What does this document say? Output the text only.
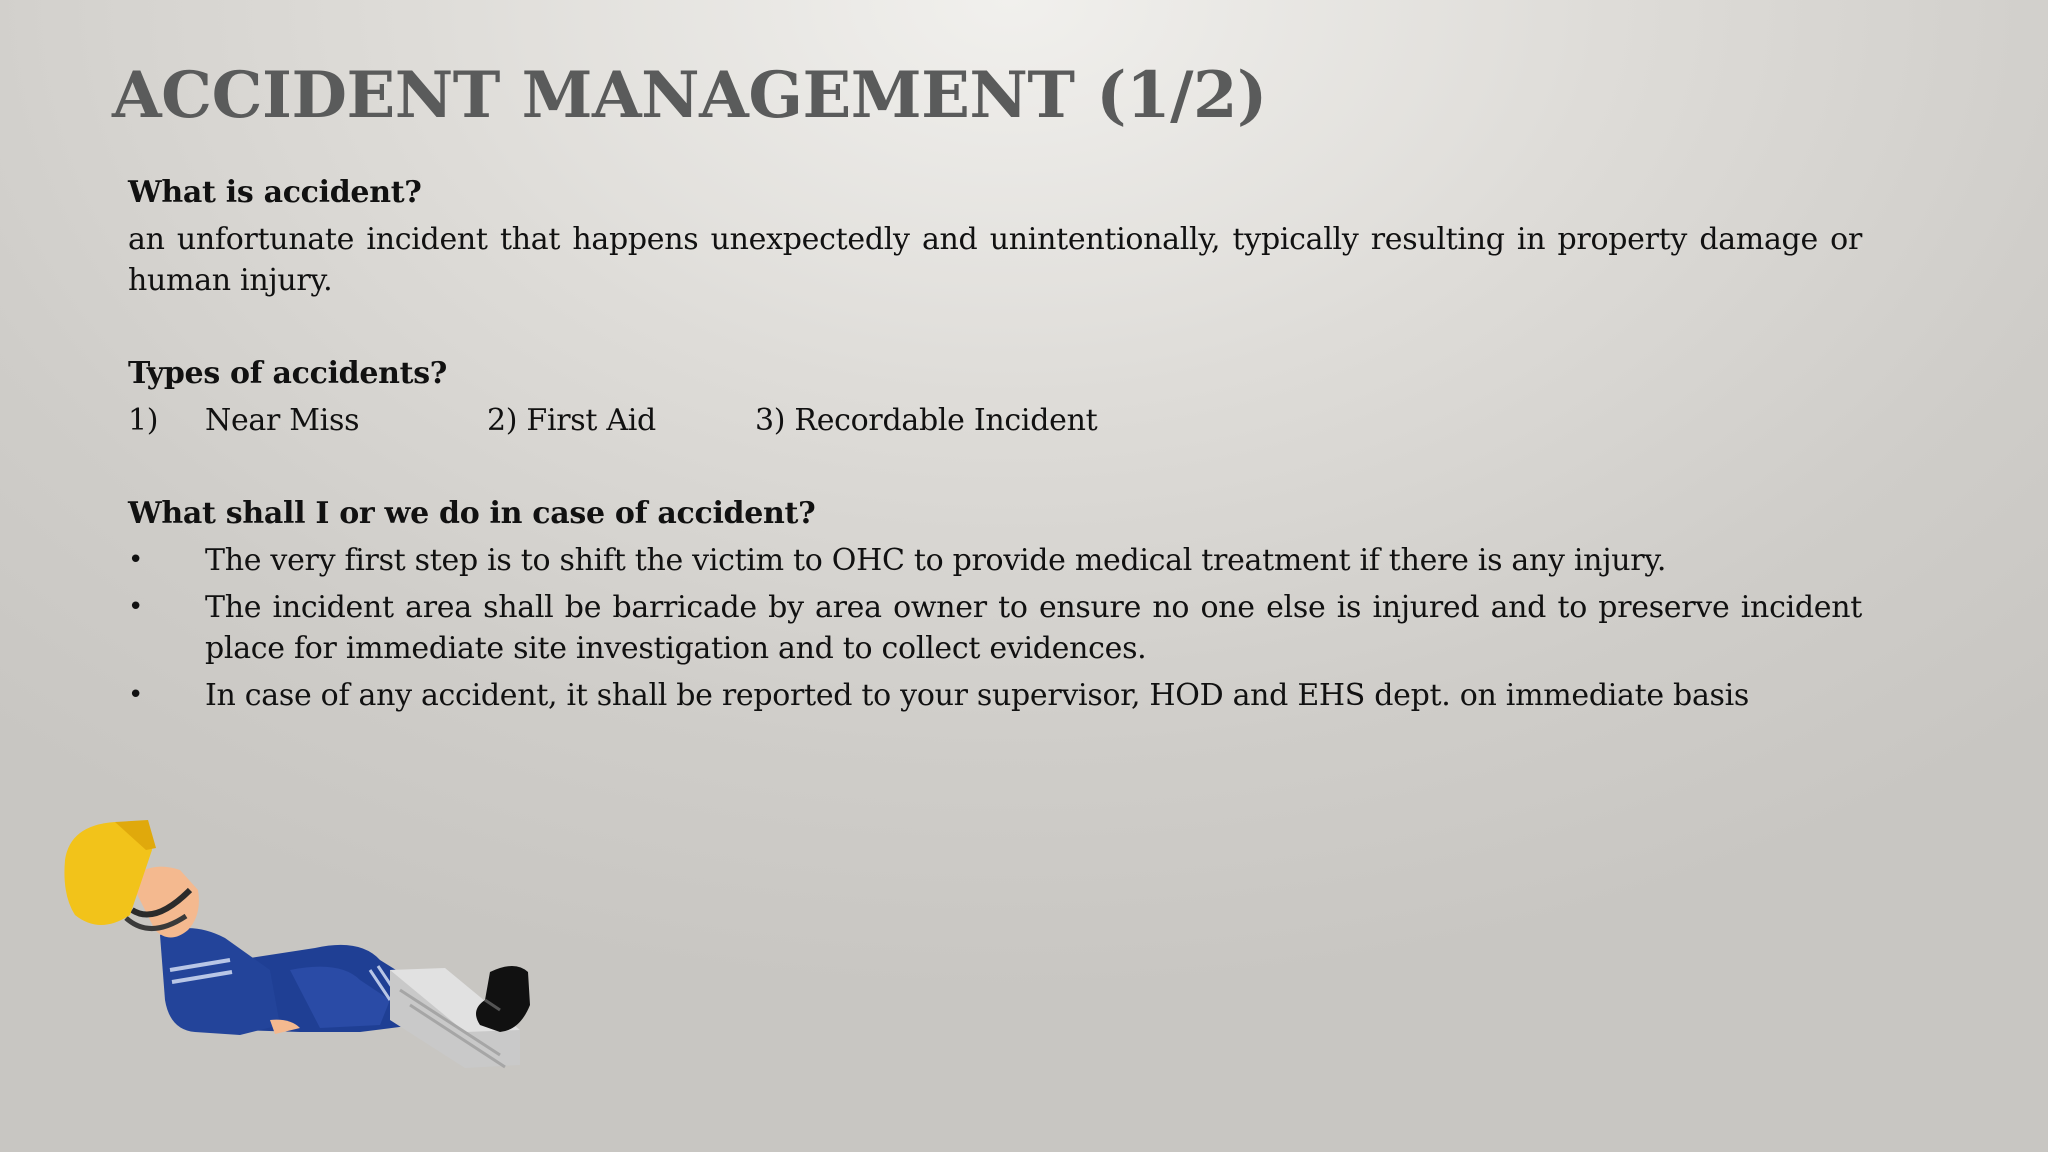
ACCIDENT MANAGEMENT (1/2)
What is accident?

an unfortunate incident that happens unexpectedly and unintentionally, typically resulting in property damage or human injury.

Types of accidents?
1) Near Miss	2) First Aid	3) Recordable Incident
What shall I or we do in case of accident?
• The very first step is to shift the victim to OHC to provide medical treatment if there is any injury.
• The incident area shall be barricade by area owner to ensure no one else is injured and to preserve incident place for immediate site investigation and to collect evidences.
• In case of any accident, it shall be reported to your supervisor, HOD and EHS dept. on immediate basis
